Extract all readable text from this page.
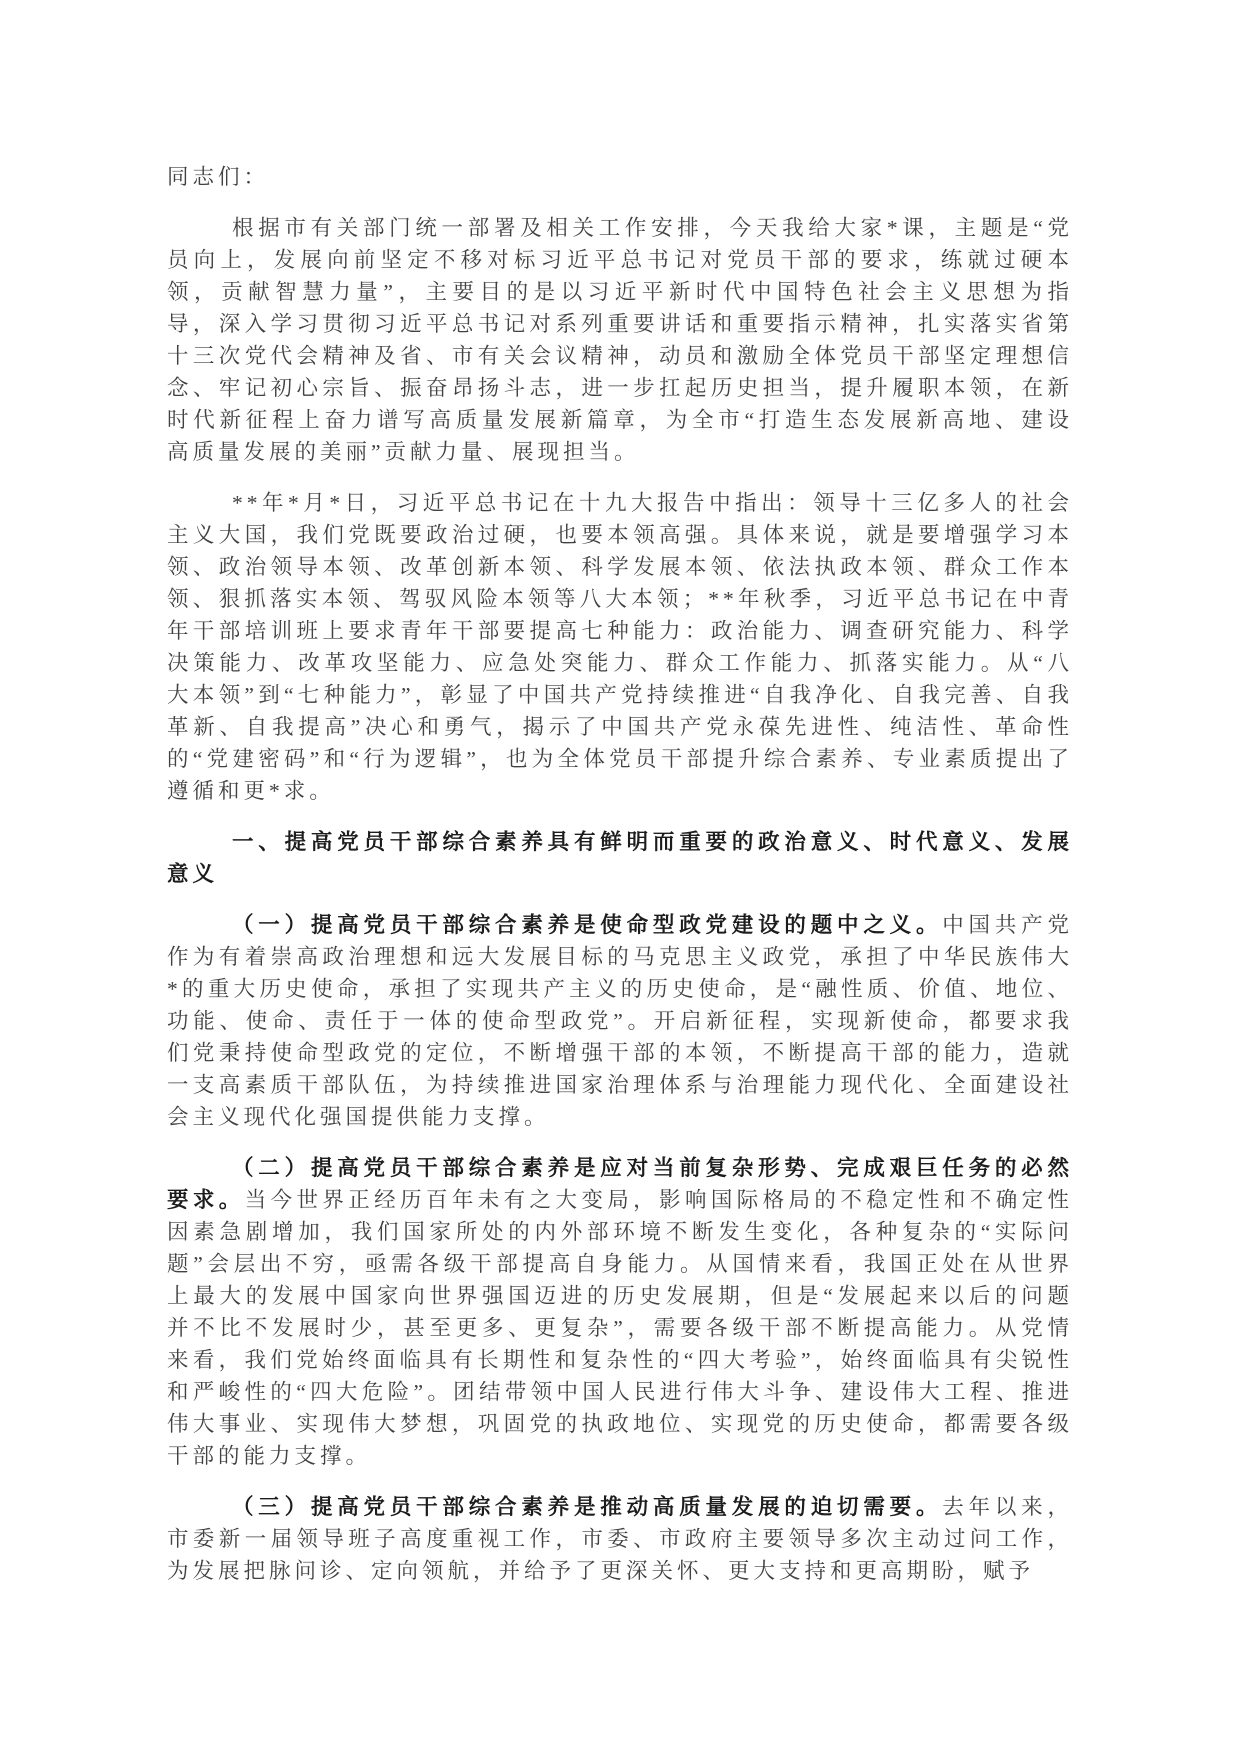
同志们：

根据市有关部门统一部署及相关工作安排，今天我给大家*课，主题是“党员向上，发展向前坚定不移对标习近平总书记对党员干部的要求，练就过硬本领，贡献智慧力量”，主要目的是以习近平新时代中国特色社会主义思想为指导，深入学习贯彻习近平总书记对系列重要讲话和重要指示精神，扎实落实省第十三次党代会精神及省、市有关会议精神，动员和激励全体党员干部坚定理想信念、牢记初心宗旨、振奋昂扬斗志，进一步扛起历史担当，提升履职本领，在新时代新征程上奋力谱写高质量发展新篇章，为全市“打造生态发展新高地、建设高质量发展的美丽”贡献力量、展现担当。

**年*月*日，习近平总书记在十九大报告中指出：领导十三亿多人的社会主义大国，我们党既要政治过硬，也要本领高强。具体来说，就是要增强学习本领、政治领导本领、改革创新本领、科学发展本领、依法执政本领、群众工作本领、狠抓落实本领、驾驭风险本领等八大本领；**年秋季，习近平总书记在中青年干部培训班上要求青年干部要提高七种能力：政治能力、调查研究能力、科学决策能力、改革攻坚能力、应急处突能力、群众工作能力、抓落实能力。从“八大本领”到“七种能力”，彰显了中国共产党持续推进“自我净化、自我完善、自我革新、自我提高”决心和勇气，揭示了中国共产党永葆先进性、纯洁性、革命性的“党建密码”和“行为逻辑”，也为全体党员干部提升综合素养、专业素质提出了遵循和更*求。

一、提高党员干部综合素养具有鲜明而重要的政治意义、时代意义、发展意义

（一）提高党员干部综合素养是使命型政党建设的题中之义。中国共产党作为有着崇高政治理想和远大发展目标的马克思主义政党，承担了中华民族伟大*的重大历史使命，承担了实现共产主义的历史使命，是“融性质、价值、地位、功能、使命、责任于一体的使命型政党”。开启新征程，实现新使命，都要求我们党秉持使命型政党的定位，不断增强干部的本领，不断提高干部的能力，造就一支高素质干部队伍，为持续推进国家治理体系与治理能力现代化、全面建设社会主义现代化强国提供能力支撑。

（二）提高党员干部综合素养是应对当前复杂形势、完成艰巨任务的必然要求。当今世界正经历百年未有之大变局，影响国际格局的不稳定性和不确定性因素急剧增加，我们国家所处的内外部环境不断发生变化，各种复杂的“实际问题”会层出不穷，亟需各级干部提高自身能力。从国情来看，我国正处在从世界上最大的发展中国家向世界强国迈进的历史发展期，但是“发展起来以后的问题并不比不发展时少，甚至更多、更复杂”，需要各级干部不断提高能力。从党情来看，我们党始终面临具有长期性和复杂性的“四大考验”，始终面临具有尖锐性和严峻性的“四大危险”。团结带领中国人民进行伟大斗争、建设伟大工程、推进伟大事业、实现伟大梦想，巩固党的执政地位、实现党的历史使命，都需要各级干部的能力支撑。

（三）提高党员干部综合素养是推动高质量发展的迫切需要。去年以来，市委新一届领导班子高度重视工作，市委、市政府主要领导多次主动过问工作，为发展把脉问诊、定向领航，并给予了更深关怀、更大支持和更高期盼，赋予
